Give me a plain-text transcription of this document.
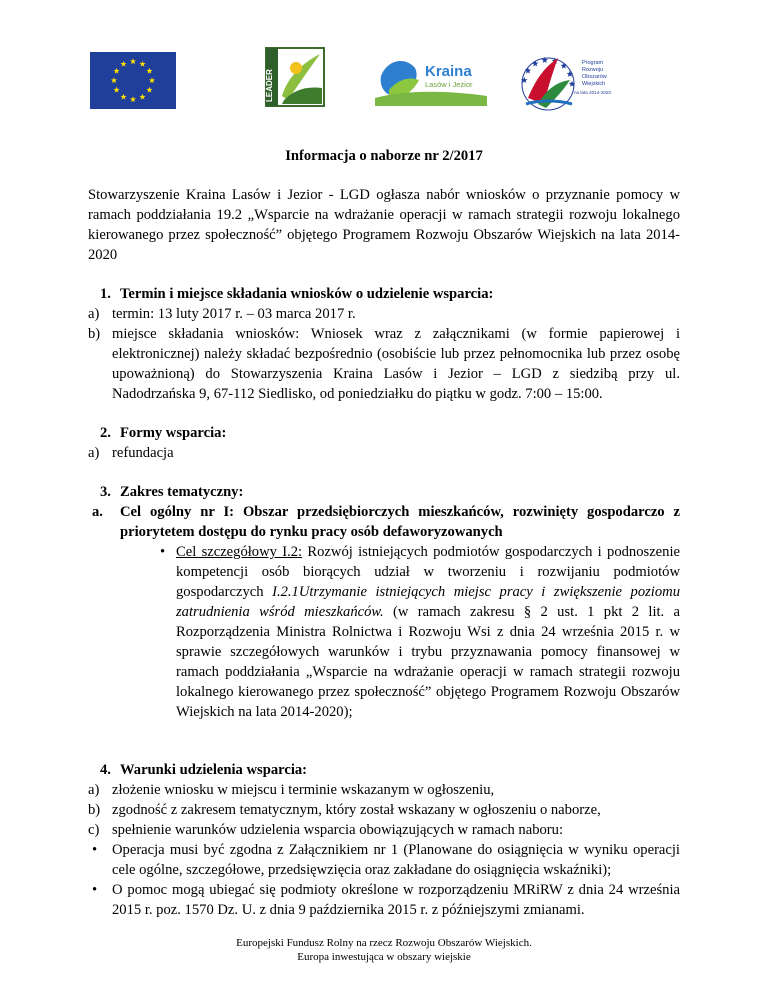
LEADER	Kraina
Lasów i Jezior
Program
Rozwoju
Obszarów
Wiejskich
na lata 2014-2020

Informacja o naborze nr 2/2017

Stowarzyszenie Kraina Lasów i Jezior - LGD ogłasza nabór wniosków o przyznanie pomocy w ramach poddziałania 19.2 „Wsparcie na wdrażanie operacji w ramach strategii rozwoju lokalnego kierowanego przez społeczność” objętego Programem Rozwoju Obszarów Wiejskich na lata 2014-2020

1. Termin i miejsce składania wniosków o udzielenie wsparcia:
a) termin: 13 luty 2017 r. – 03 marca 2017 r.
b) miejsce składania wniosków: Wniosek wraz z załącznikami (w formie papierowej i elektronicznej) należy składać bezpośrednio (osobiście lub przez pełnomocnika lub przez osobę upoważnioną) do Stowarzyszenia Kraina Lasów i Jezior – LGD z siedzibą przy ul. Nadodrzańska 9, 67-112 Siedlisko, od poniedziałku do piątku w godz. 7:00 – 15:00.
2. Formy wsparcia:
a) refundacja
3. Zakres tematyczny:
a. Cel ogólny nr I: Obszar przedsiębiorczych mieszkańców, rozwinięty gospodarczo z priorytetem dostępu do rynku pracy osób defaworyzowanych
• Cel szczegółowy I.2: Rozwój istniejących podmiotów gospodarczych i podnoszenie kompetencji osób biorących udział w tworzeniu i rozwijaniu podmiotów gospodarczych I.2.1Utrzymanie istniejących miejsc pracy i zwiększenie poziomu zatrudnienia wśród mieszkańców. (w ramach zakresu § 2 ust. 1 pkt 2 lit. a Rozporządzenia Ministra Rolnictwa i Rozwoju Wsi z dnia 24 września 2015 r. w sprawie szczegółowych warunków i trybu przyznawania pomocy finansowej w ramach poddziałania „Wsparcie na wdrażanie operacji w ramach strategii rozwoju lokalnego kierowanego przez społeczność” objętego Programem Rozwoju Obszarów Wiejskich na lata 2014-2020);
4. Warunki udzielenia wsparcia:
a) złożenie wniosku w miejscu i terminie wskazanym w ogłoszeniu,
b) zgodność z zakresem tematycznym, który został wskazany w ogłoszeniu o naborze,
c) spełnienie warunków udzielenia wsparcia obowiązujących w ramach naboru:
• Operacja musi być zgodna z Załącznikiem nr 1 (Planowane do osiągnięcia w wyniku operacji cele ogólne, szczegółowe, przedsięwzięcia oraz zakładane do osiągnięcia wskaźniki);
• O pomoc mogą ubiegać się podmioty określone w rozporządzeniu MRiRW z dnia 24 września 2015 r. poz. 1570 Dz. U. z dnia 9 października 2015 r. z późniejszymi zmianami.
Europejski Fundusz Rolny na rzecz Rozwoju Obszarów Wiejskich.
Europa inwestująca w obszary wiejskie
